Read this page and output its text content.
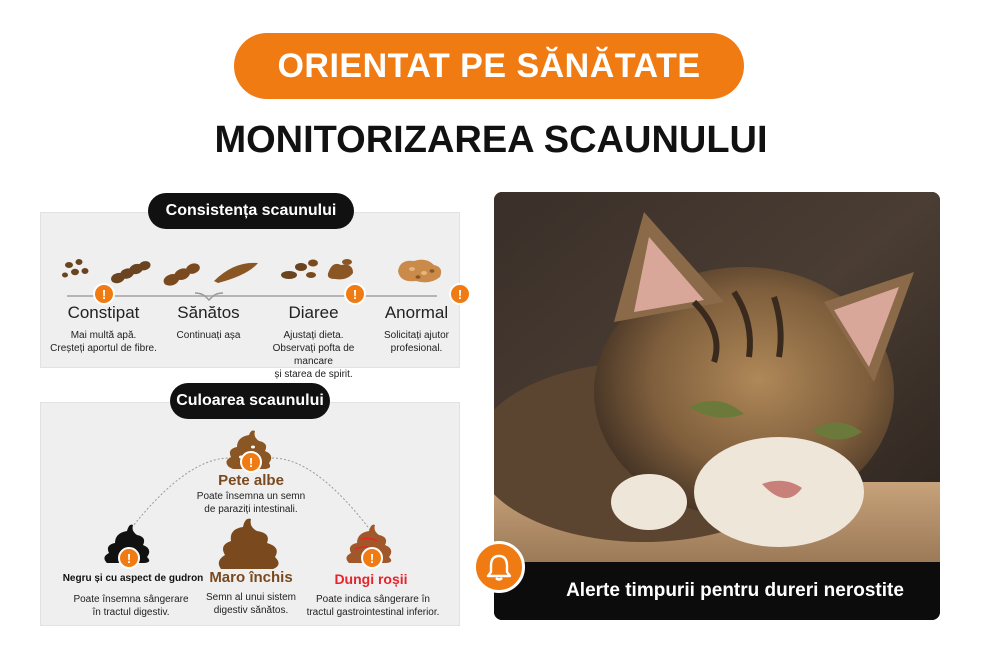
ORIENTAT PE SĂNĂTATE
MONITORIZAREA SCAUNULUI
!
Constipat
Mai multă apă.
Creșteți aportul de fibre.
Sănătos
Continuați așa
!
Diaree
Ajustați dieta.
Observați pofta de mancare
și starea de spirit.
!
Anormal
Solicitați ajutor
profesional.
Consistența scaunului
!
Pete albe
Poate însemna un semn
de paraziți intestinali.
!
Negru și cu aspect de gudron
Poate însemna sângerare
în tractul digestiv.
Maro închis
Semn al unui sistem
digestiv sănătos.
!
Dungi roșii
Poate indica sângerare în
tractul gastrointestinal inferior.
Culoarea scaunului
Alerte timpurii pentru dureri nerostite
